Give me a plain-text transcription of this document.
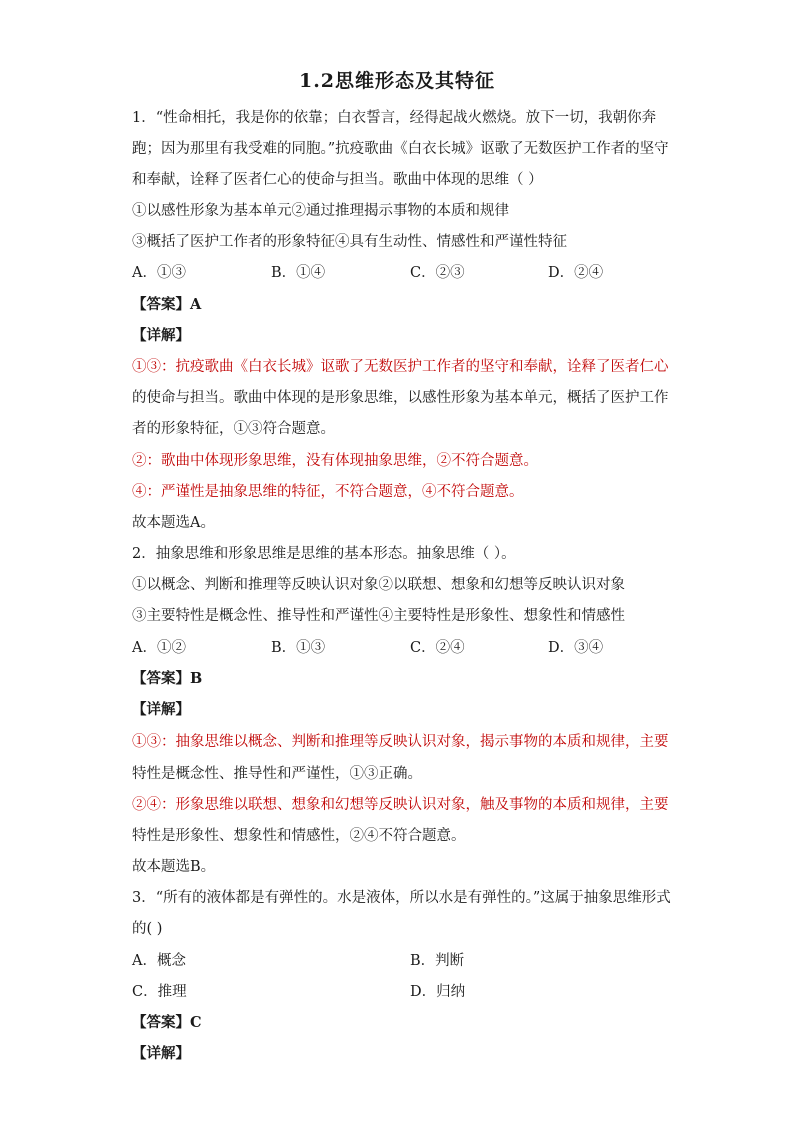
1.2思维形态及其特征
1．“性命相托，我是你的依靠；白衣誓言，经得起战火燃烧。放下一切，我朝你奔
跑；因为那里有我受难的同胞。”抗疫歌曲《白衣长城》讴歌了无数医护工作者的坚守
和奉献，诠释了医者仁心的使命与担当。歌曲中体现的思维（ ）
①以感性形象为基本单元②通过推理揭示事物的本质和规律
③概括了医护工作者的形象特征④具有生动性、情感性和严谨性特征
A．①③	B．①④	C．②③	D．②④
【答案】A
【详解】
①③：抗疫歌曲《白衣长城》讴歌了无数医护工作者的坚守和奉献，诠释了医者仁心
的使命与担当。歌曲中体现的是形象思维，以感性形象为基本单元，概括了医护工作
者的形象特征，①③符合题意。
②：歌曲中体现形象思维，没有体现抽象思维，②不符合题意。
④：严谨性是抽象思维的特征，不符合题意，④不符合题意。
故本题选A。
2．抽象思维和形象思维是思维的基本形态。抽象思维（ ）。
①以概念、判断和推理等反映认识对象②以联想、想象和幻想等反映认识对象
③主要特性是概念性、推导性和严谨性④主要特性是形象性、想象性和情感性
A．①②	B．①③	C．②④	D．③④
【答案】B
【详解】
①③：抽象思维以概念、判断和推理等反映认识对象，揭示事物的本质和规律，主要
特性是概念性、推导性和严谨性，①③正确。
②④：形象思维以联想、想象和幻想等反映认识对象，触及事物的本质和规律，主要
特性是形象性、想象性和情感性，②④不符合题意。
故本题选B。
3．“所有的液体都是有弹性的。水是液体，所以水是有弹性的。”这属于抽象思维形式
的( )
A．概念	B．判断
C．推理	D．归纳
【答案】C
【详解】
